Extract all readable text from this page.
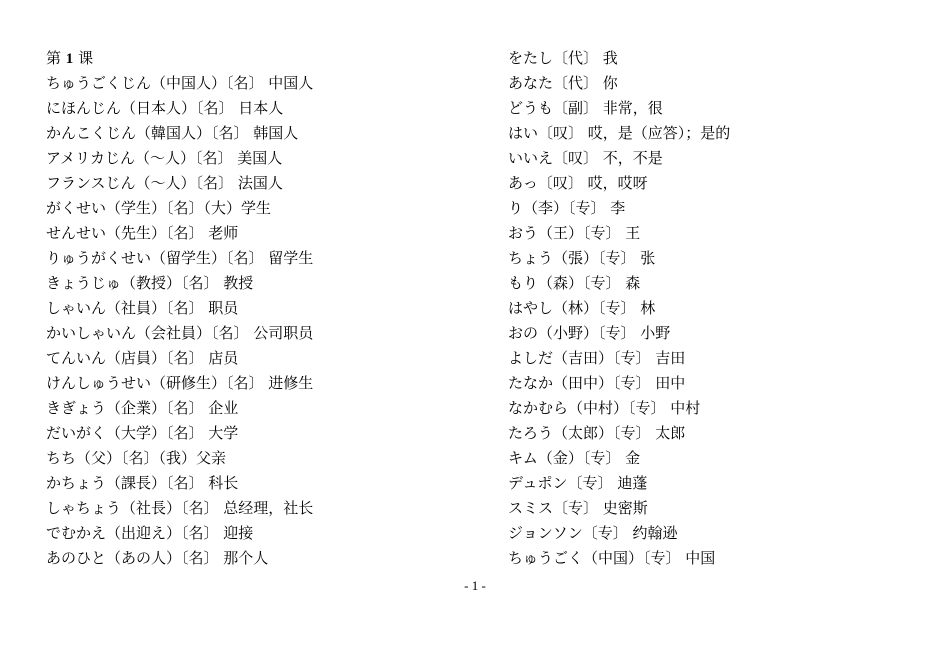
第 1 课
ちゅうごくじん（中国人）〔名〕 中国人
にほんじん（日本人）〔名〕 日本人
かんこくじん（韓国人）〔名〕 韩国人
アメリカじん（～人）〔名〕 美国人
フランスじん（～人）〔名〕 法国人
がくせい（学生）〔名〕（大）学生
せんせい（先生）〔名〕 老师
りゅうがくせい（留学生）〔名〕 留学生
きょうじゅ（教授）〔名〕 教授
しゃいん（社員）〔名〕 职员
かいしゃいん（会社員）〔名〕 公司职员
てんいん（店員）〔名〕 店员
けんしゅうせい（研修生）〔名〕 进修生
きぎょう（企業）〔名〕 企业
だいがく（大学）〔名〕 大学
ちち（父）〔名〕（我）父亲
かちょう（課長）〔名〕 科长
しゃちょう（社長）〔名〕 总经理，社长
でむかえ（出迎え）〔名〕 迎接
あのひと（あの人）〔名〕 那个人
をたし〔代〕 我
あなた〔代〕 你
どうも〔副〕 非常，很
はい〔叹〕 哎，是（应答）；是的
いいえ〔叹〕 不，不是
あっ〔叹〕 哎，哎呀
り（李）〔专〕 李
おう（王）〔专〕 王
ちょう（張）〔专〕 张
もり（森）〔专〕 森
はやし（林）〔专〕 林
おの（小野）〔专〕 小野
よしだ（吉田）〔专〕 吉田
たなか（田中）〔专〕 田中
なかむら（中村）〔专〕 中村
たろう（太郎）〔专〕 太郎
キム（金）〔专〕 金
デュポン〔专〕 迪蓬
スミス〔专〕 史密斯
ジョンソン〔专〕 约翰逊
ちゅうごく（中国）〔专〕 中国
- 1 -
